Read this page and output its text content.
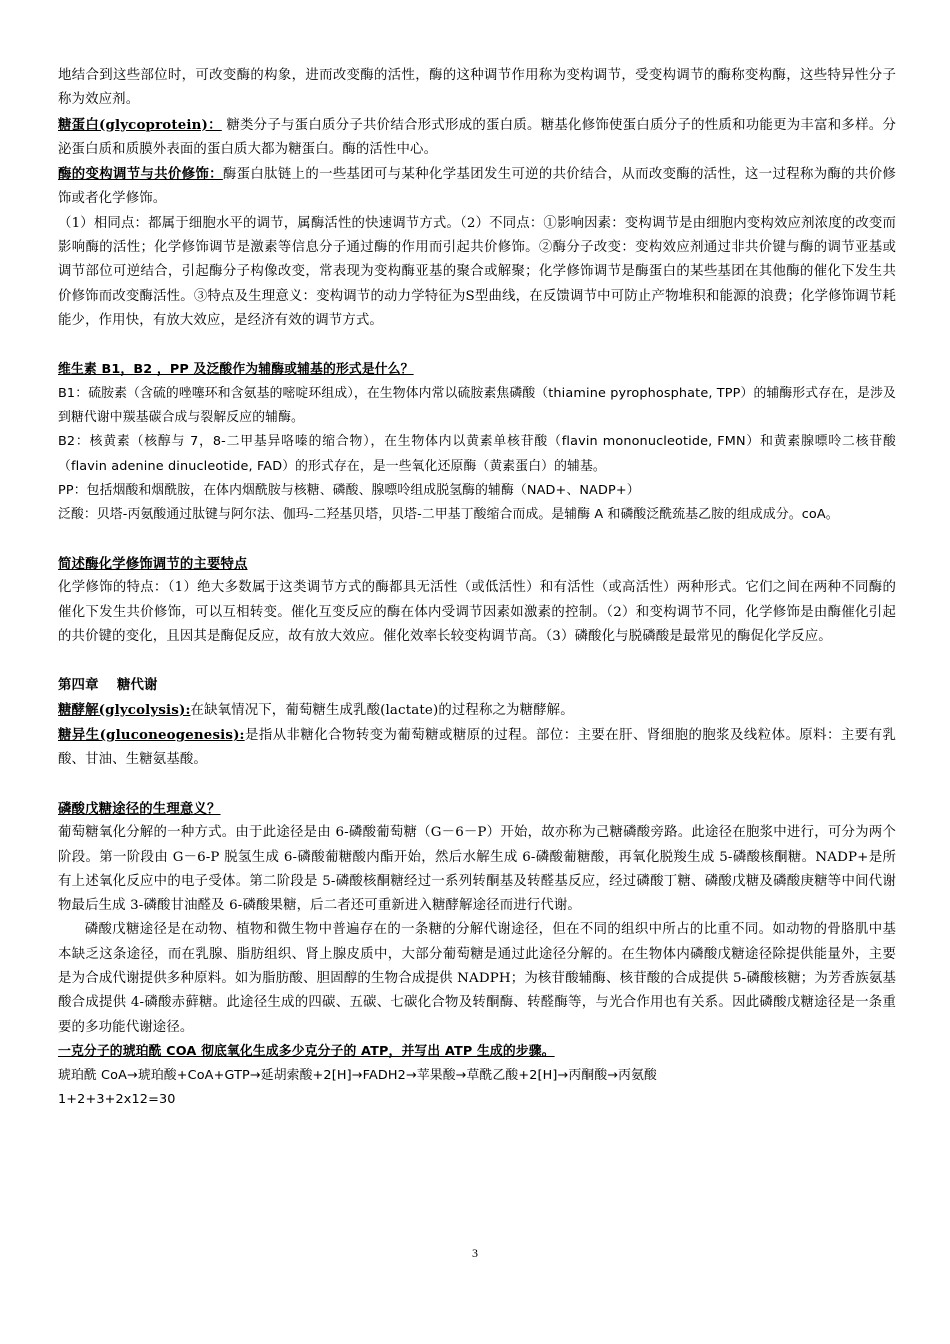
地结合到这些部位时，可改变酶的构象，进而改变酶的活性，酶的这种调节作用称为变构调节，受变构调节的酶称变构酶，这些特异性分子称为效应剂。

糖蛋白(glycoprotein)： 糖类分子与蛋白质分子共价结合形式形成的蛋白质。糖基化修饰使蛋白质分子的性质和功能更为丰富和多样。分泌蛋白质和质膜外表面的蛋白质大都为糖蛋白。酶的活性中心。

酶的变构调节与共价修饰：酶蛋白肽链上的一些基团可与某种化学基团发生可逆的共价结合，从而改变酶的活性，这一过程称为酶的共价修饰或者化学修饰。

（1）相同点：都属于细胞水平的调节，属酶活性的快速调节方式。（2）不同点：①影响因素：变构调节是由细胞内变构效应剂浓度的改变而影响酶的活性；化学修饰调节是激素等信息分子通过酶的作用而引起共价修饰。②酶分子改变：变构效应剂通过非共价键与酶的调节亚基或调节部位可逆结合，引起酶分子构像改变，常表现为变构酶亚基的聚合或解聚；化学修饰调节是酶蛋白的某些基团在其他酶的催化下发生共价修饰而改变酶活性。③特点及生理意义：变构调节的动力学特征为S型曲线，在反馈调节中可防止产物堆积和能源的浪费；化学修饰调节耗能少，作用快，有放大效应，是经济有效的调节方式。

维生素 B1，B2 ，PP 及泛酸作为辅酶或辅基的形式是什么？

B1：硫胺素（含硫的唑噻环和含氨基的嘧啶环组成），在生物体内常以硫胺素焦磷酸（thiamine pyrophosphate, TPP）的辅酶形式存在，是涉及到糖代谢中羰基碳合成与裂解反应的辅酶。

B2：核黄素（核醇与 7，8-二甲基异咯嗪的缩合物），在生物体内以黄素单核苷酸（flavin mononucleotide, FMN）和黄素腺嘌呤二核苷酸（flavin adenine dinucleotide, FAD）的形式存在，是一些氧化还原酶（黄素蛋白）的辅基。

PP：包括烟酸和烟酰胺，在体内烟酰胺与核糖、磷酸、腺嘌呤组成脱氢酶的辅酶（NAD+、NADP+）

泛酸：贝塔-丙氨酸通过肽键与阿尔法、伽玛-二羟基贝塔，贝塔-二甲基丁酸缩合而成。是辅酶 A 和磷酸泛酰巯基乙胺的组成成分。coA。

简述酶化学修饰调节的主要特点

化学修饰的特点：（1）绝大多数属于这类调节方式的酶都具无活性（或低活性）和有活性（或高活性）两种形式。它们之间在两种不同酶的催化下发生共价修饰，可以互相转变。催化互变反应的酶在体内受调节因素如激素的控制。（2）和变构调节不同，化学修饰是由酶催化引起的共价键的变化，且因其是酶促反应，故有放大效应。催化效率长较变构调节高。（3）磷酸化与脱磷酸是最常见的酶促化学反应。

第四章　 糖代谢

糖酵解(glycolysis):在缺氧情况下，葡萄糖生成乳酸(lactate)的过程称之为糖酵解。

糖异生(gluconeogenesis):是指从非糖化合物转变为葡萄糖或糖原的过程。部位：主要在肝、肾细胞的胞浆及线粒体。原料：主要有乳酸、甘油、生糖氨基酸。

磷酸戊糖途径的生理意义？

葡萄糖氧化分解的一种方式。由于此途径是由 6-磷酸葡萄糖（G－6－P）开始，故亦称为己糖磷酸旁路。此途径在胞浆中进行，可分为两个阶段。第一阶段由 G－6-P 脱氢生成 6-磷酸葡糖酸内酯开始，然后水解生成 6-磷酸葡糖酸，再氧化脱羧生成 5-磷酸核酮糖。NADP+是所有上述氧化反应中的电子受体。第二阶段是 5-磷酸核酮糖经过一系列转酮基及转醛基反应，经过磷酸丁糖、磷酸戊糖及磷酸庚糖等中间代谢物最后生成 3-磷酸甘油醛及 6-磷酸果糖，后二者还可重新进入糖酵解途径而进行代谢。

磷酸戊糖途径是在动物、植物和微生物中普遍存在的一条糖的分解代谢途径，但在不同的组织中所占的比重不同。如动物的骨胳肌中基本缺乏这条途径，而在乳腺、脂肪组织、肾上腺皮质中，大部分葡萄糖是通过此途径分解的。在生物体内磷酸戊糖途径除提供能量外，主要是为合成代谢提供多种原料。如为脂肪酸、胆固醇的生物合成提供 NADPH；为核苷酸辅酶、核苷酸的合成提供 5-磷酸核糖；为芳香族氨基酸合成提供 4-磷酸赤藓糖。此途径生成的四碳、五碳、七碳化合物及转酮酶、转醛酶等，与光合作用也有关系。因此磷酸戊糖途径是一条重要的多功能代谢途径。

一克分子的琥珀酰 COA 彻底氧化生成多少克分子的 ATP，并写出 ATP 生成的步骤。

琥珀酰 CoA→琥珀酸+CoA+GTP→延胡索酸+2[H]→FADH2→苹果酸→草酰乙酸+2[H]→丙酮酸→丙氨酸

1+2+3+2x12=30

3
